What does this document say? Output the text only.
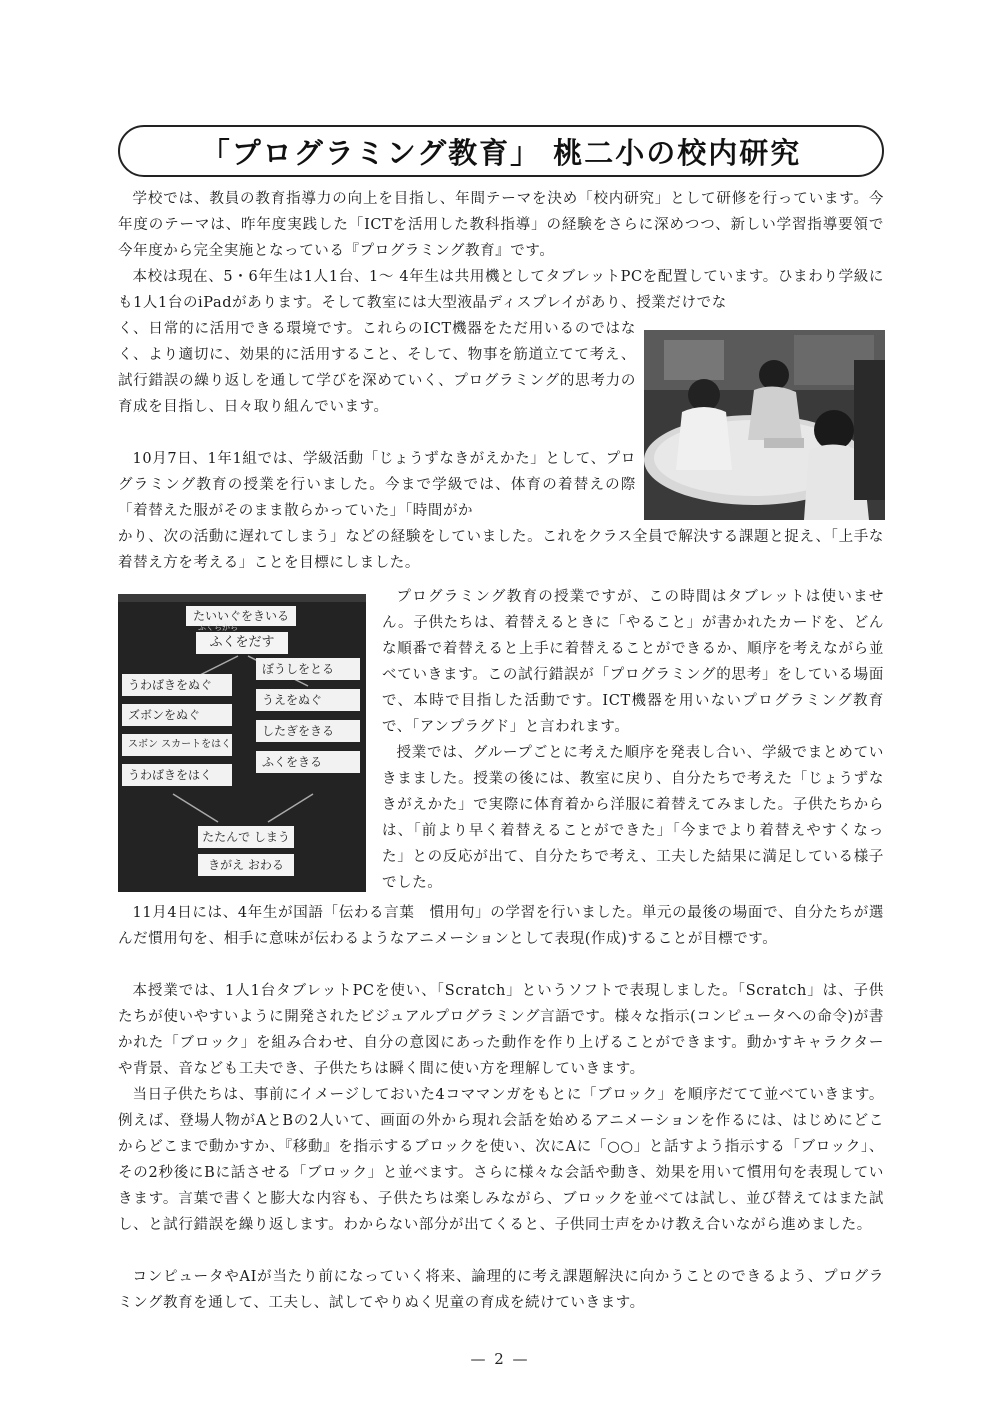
「プログラミング教育」 桃二小の校内研究

学校では、教員の教育指導力の向上を目指し、年間テーマを決め「校内研究」として研修を行っています。今年度のテーマは、昨年度実践した「ICTを活用した教科指導」の経験をさらに深めつつ、新しい学習指導要領で今年度から完全実施となっている『プログラミング教育』です。

本校は現在、5・6年生は1人1台、1～ 4年生は共用機としてタブレットPCを配置しています。ひまわり学級にも1人1台のiPadがあります。そして教室には大型液晶ディスプレイがあり、授業だけでな

く、日常的に活用できる環境です。これらのICT機器をただ用いるのではなく、より適切に、効果的に活用すること、そして、物事を筋道立てて考え、試行錯誤の繰り返しを通して学びを深めていく、プログラミング的思考力の育成を目指し、日々取り組んでいます。

10月7日、1年1組では、学級活動「じょうずなきがえかた」として、プログラミング教育の授業を行いました。今まで学級では、体育の着替えの際「着替えた服がそのまま散らかっていた」「時間がか

かり、次の活動に遅れてしまう」などの経験をしていました。これをクラス全員で解決する課題と捉え、「上手な着替え方を考える」ことを目標にしました。

たいいぐをきいる
ふくをだす
ふくらから
うわばきをぬぐ
ズボンをぬぐ
スボン スカートをはく
うわばきをはく
ぼうしをとる
うえをぬぐ
したぎをきる
ふくをきる
たたんで しまう
きがえ おわる

プログラミング教育の授業ですが、この時間はタブレットは使いません。子供たちは、着替えるときに「やること」が書かれたカードを、どんな順番で着替えると上手に着替えることができるか、順序を考えながら並べていきます。この試行錯誤が「プログラミング的思考」をしている場面で、本時で目指した活動です。ICT機器を用いないプログラミング教育で、「アンプラグド」と言われます。

授業では、グループごとに考えた順序を発表し合い、学級でまとめていきまました。授業の後には、教室に戻り、自分たちで考えた「じょうずなきがえかた」で実際に体育着から洋服に着替えてみました。子供たちからは、「前より早く着替えることができた」「今までより着替えやすくなった」との反応が出て、自分たちで考え、工夫した結果に満足している様子でした。

11月4日には、4年生が国語「伝わる言葉　慣用句」の学習を行いました。単元の最後の場面で、自分たちが選んだ慣用句を、相手に意味が伝わるようなアニメーションとして表現(作成)することが目標です。

本授業では、1人1台タブレットPCを使い、「Scratch」というソフトで表現しました。「Scratch」は、子供たちが使いやすいように開発されたビジュアルプログラミング言語です。様々な指示(コンピュータへの命令)が書かれた「ブロック」を組み合わせ、自分の意図にあった動作を作り上げることができます。動かすキャラクターや背景、音なども工夫でき、子供たちは瞬く間に使い方を理解していきます。

当日子供たちは、事前にイメージしておいた4コママンガをもとに「ブロック」を順序だてて並べていきます。例えば、登場人物がAとBの2人いて、画面の外から現れ会話を始めるアニメーションを作るには、はじめにどこからどこまで動かすか、『移動』を指示するブロックを使い、次にAに「○○」と話すよう指示する「ブロック」、その2秒後にBに話させる「ブロック」と並べます。さらに様々な会話や動き、効果を用いて慣用句を表現していきます。言葉で書くと膨大な内容も、子供たちは楽しみながら、ブロックを並べては試し、並び替えてはまた試し、と試行錯誤を繰り返します。わからない部分が出てくると、子供同士声をかけ教え合いながら進めました。

コンピュータやAIが当たり前になっていく将来、論理的に考え課題解決に向かうことのできるよう、プログラミング教育を通して、工夫し、試してやりぬく児童の育成を続けていきます。

— 2 —
